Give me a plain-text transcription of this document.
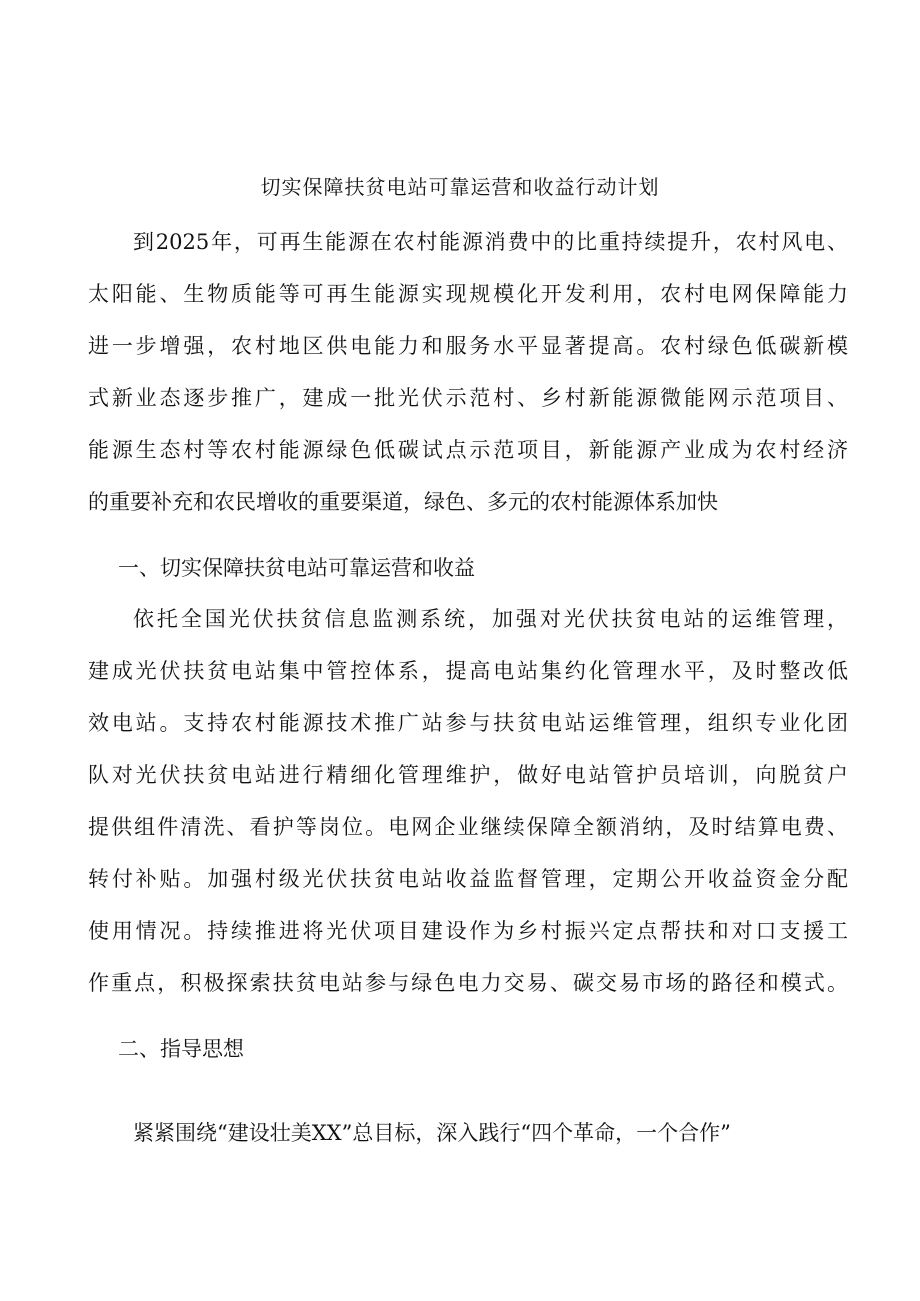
切实保障扶贫电站可靠运营和收益行动计划
到2025年，可再生能源在农村能源消费中的比重持续提升，农村风电、
太阳能、生物质能等可再生能源实现规模化开发利用，农村电网保障能力
进一步增强，农村地区供电能力和服务水平显著提高。农村绿色低碳新模
式新业态逐步推广，建成一批光伏示范村、乡村新能源微能网示范项目、
能源生态村等农村能源绿色低碳试点示范项目，新能源产业成为农村经济
的重要补充和农民增收的重要渠道，绿色、多元的农村能源体系加快
一、切实保障扶贫电站可靠运营和收益
依托全国光伏扶贫信息监测系统，加强对光伏扶贫电站的运维管理，
建成光伏扶贫电站集中管控体系，提高电站集约化管理水平，及时整改低
效电站。支持农村能源技术推广站参与扶贫电站运维管理，组织专业化团
队对光伏扶贫电站进行精细化管理维护，做好电站管护员培训，向脱贫户
提供组件清洗、看护等岗位。电网企业继续保障全额消纳，及时结算电费、
转付补贴。加强村级光伏扶贫电站收益监督管理，定期公开收益资金分配
使用情况。持续推进将光伏项目建设作为乡村振兴定点帮扶和对口支援工
作重点，积极探索扶贫电站参与绿色电力交易、碳交易市场的路径和模式。
二、指导思想
紧紧围绕“建设壮美XX”总目标，深入践行“四个革命，一个合作”
